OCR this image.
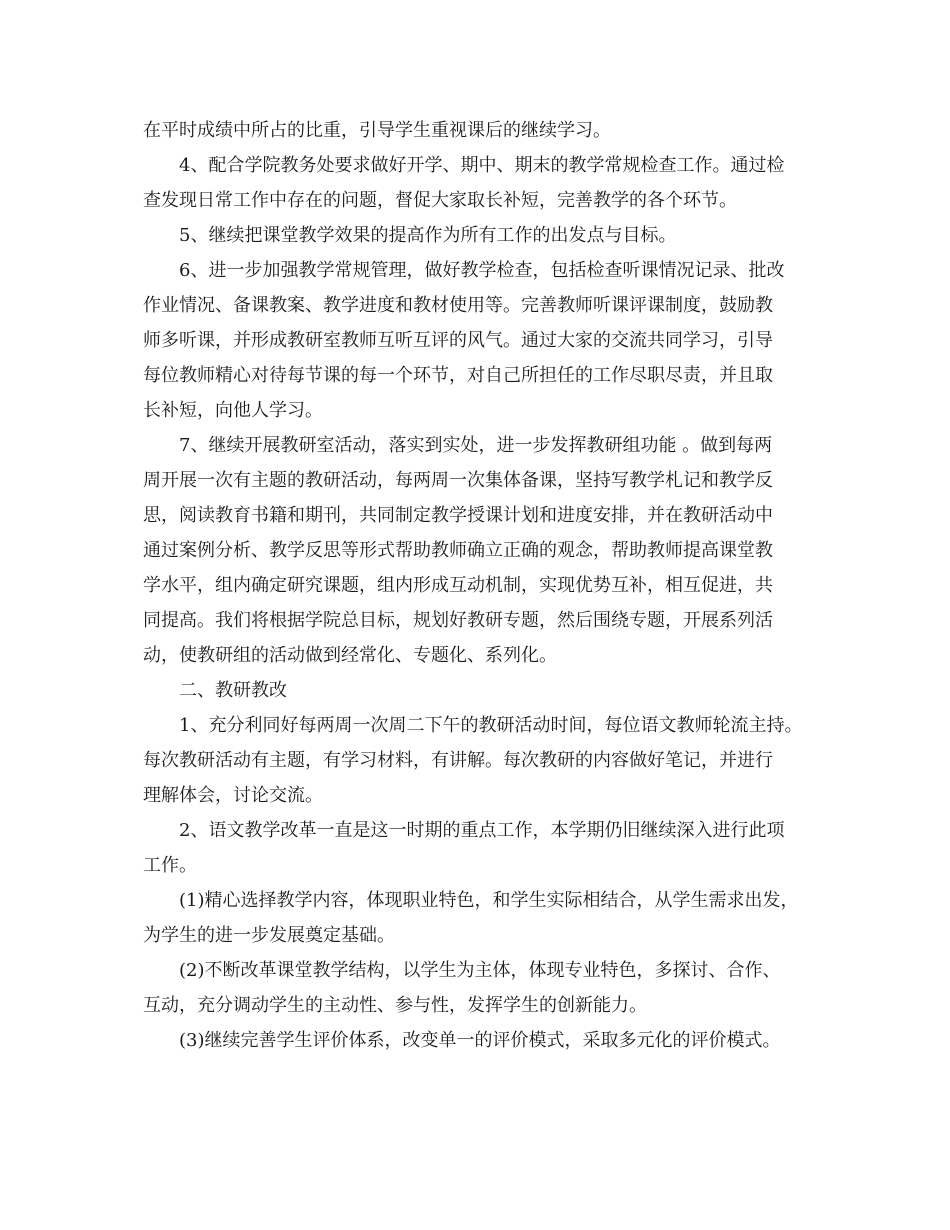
在平时成绩中所占的比重，引导学生重视课后的继续学习。
4、配合学院教务处要求做好开学、期中、期末的教学常规检查工作。通过检
查发现日常工作中存在的问题，督促大家取长补短，完善教学的各个环节。
5、继续把课堂教学效果的提高作为所有工作的出发点与目标。
6、进一步加强教学常规管理，做好教学检查，包括检查听课情况记录、批改
作业情况、备课教案、教学进度和教材使用等。完善教师听课评课制度，鼓励教
师多听课，并形成教研室教师互听互评的风气。通过大家的交流共同学习，引导
每位教师精心对待每节课的每一个环节，对自己所担任的工作尽职尽责，并且取
长补短，向他人学习。
7、继续开展教研室活动，落实到实处，进一步发挥教研组功能 。做到每两
周开展一次有主题的教研活动，每两周一次集体备课，坚持写教学札记和教学反
思，阅读教育书籍和期刊，共同制定教学授课计划和进度安排，并在教研活动中
通过案例分析、教学反思等形式帮助教师确立正确的观念，帮助教师提高课堂教
学水平，组内确定研究课题，组内形成互动机制，实现优势互补，相互促进，共
同提高。我们将根据学院总目标，规划好教研专题，然后围绕专题，开展系列活
动，使教研组的活动做到经常化、专题化、系列化。
二、教研教改
1、充分利同好每两周一次周二下午的教研活动时间，每位语文教师轮流主持。
每次教研活动有主题，有学习材料，有讲解。每次教研的内容做好笔记，并进行
理解体会，讨论交流。
2、语文教学改革一直是这一时期的重点工作，本学期仍旧继续深入进行此项
工作。
(1)精心选择教学内容，体现职业特色，和学生实际相结合，从学生需求出发，
为学生的进一步发展奠定基础。
(2)不断改革课堂教学结构，以学生为主体，体现专业特色，多探讨、合作、
互动，充分调动学生的主动性、参与性，发挥学生的创新能力。
(3)继续完善学生评价体系，改变单一的评价模式，采取多元化的评价模式。
